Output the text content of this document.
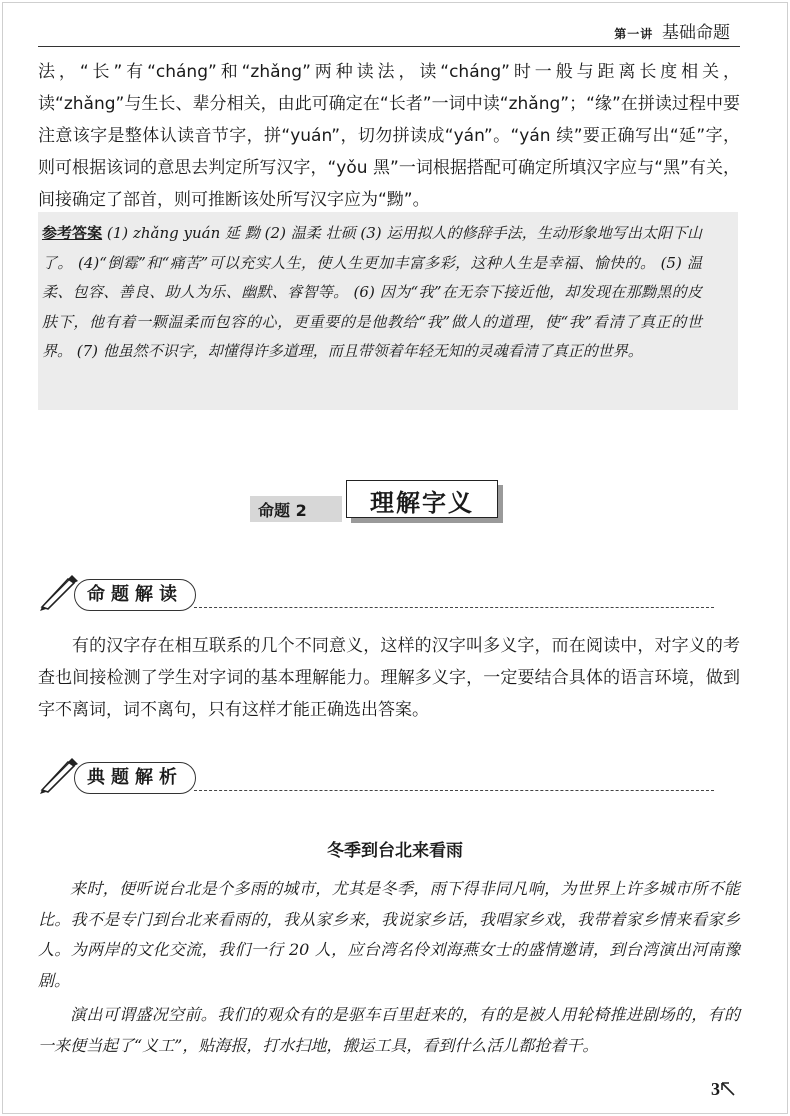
第一讲 基础命题

法，“长”有“cháng”和“zhǎng”两种读法，读“cháng”时一般与距离长度相关，读“zhǎng”与生长、辈分相关，由此可确定在“长者”一词中读“zhǎng”；“缘”在拼读过程中要注意该字是整体认读音节字，拼“yuán”，切勿拼读成“yán”。“yán 续”要正确写出“延”字，则可根据该词的意思去判定所写汉字，“yǒu 黑”一词根据搭配可确定所填汉字应与“黑”有关，间接确定了部首，则可推断该处所写汉字应为“黝”。

参考答案 (1) zhǎng yuán 延 黝 (2) 温柔 壮硕 (3) 运用拟人的修辞手法，生动形象地写出太阳下山了。 (4)“倒霉”和“痛苦”可以充实人生，使人生更加丰富多彩，这种人生是幸福、愉快的。 (5) 温柔、包容、善良、助人为乐、幽默、睿智等。 (6) 因为“我”在无奈下接近他，却发现在那黝黑的皮肤下，他有着一颗温柔而包容的心，更重要的是他教给“我”做人的道理，使“我”看清了真正的世界。 (7) 他虽然不识字，却懂得许多道理，而且带领着年轻无知的灵魂看清了真正的世界。

命题 2	理解字义
命题解读

有的汉字存在相互联系的几个不同意义，这样的汉字叫多义字，而在阅读中，对字义的考查也间接检测了学生对字词的基本理解能力。理解多义字，一定要结合具体的语言环境，做到字不离词，词不离句，只有这样才能正确选出答案。

典题解析
冬季到台北来看雨

来时，便听说台北是个多雨的城市，尤其是冬季，雨下得非同凡响，为世界上许多城市所不能比。我不是专门到台北来看雨的，我从家乡来，我说家乡话，我唱家乡戏，我带着家乡情来看家乡人。为两岸的文化交流，我们一行 20 人，应台湾名伶刘海燕女士的盛情邀请，到台湾演出河南豫剧。

演出可谓盛况空前。我们的观众有的是驱车百里赶来的，有的是被人用轮椅推进剧场的，有的一来便当起了“义工”，贴海报，打水扫地，搬运工具，看到什么活儿都抢着干。

3
